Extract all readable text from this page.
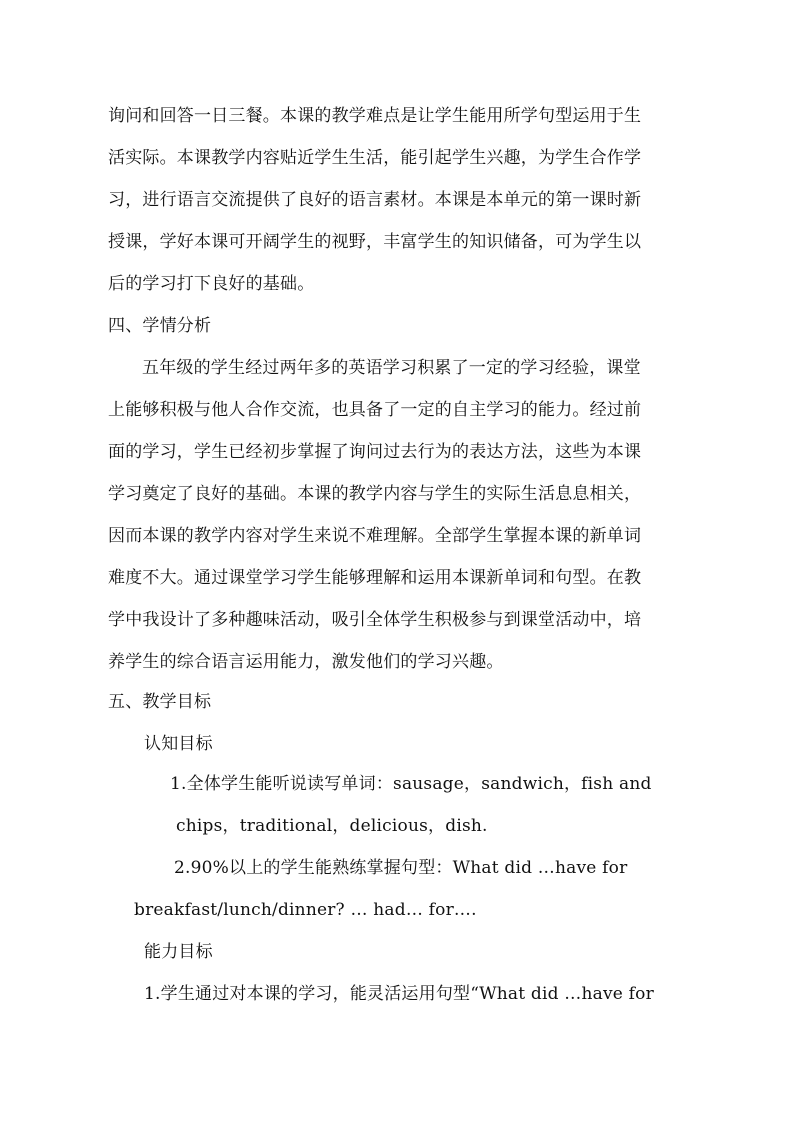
询问和回答一日三餐。本课的教学难点是让学生能用所学句型运用于生
活实际。本课教学内容贴近学生生活，能引起学生兴趣，为学生合作学
习，进行语言交流提供了良好的语言素材。本课是本单元的第一课时新
授课，学好本课可开阔学生的视野，丰富学生的知识储备，可为学生以
后的学习打下良好的基础。
四、学情分析
五年级的学生经过两年多的英语学习积累了一定的学习经验，课堂
上能够积极与他人合作交流，也具备了一定的自主学习的能力。经过前
面的学习，学生已经初步掌握了询问过去行为的表达方法，这些为本课
学习奠定了良好的基础。本课的教学内容与学生的实际生活息息相关，
因而本课的教学内容对学生来说不难理解。全部学生掌握本课的新单词
难度不大。通过课堂学习学生能够理解和运用本课新单词和句型。在教
学中我设计了多种趣味活动，吸引全体学生积极参与到课堂活动中，培
养学生的综合语言运用能力，激发他们的学习兴趣。
五、教学目标
认知目标
1.全体学生能听说读写单词：sausage，sandwich，fish and
chips，traditional，delicious，dish.
2.90%以上的学生能熟练掌握句型：What did …have for
breakfast/lunch/dinner? … had… for….
能力目标
1.学生通过对本课的学习，能灵活运用句型“What did …have for
